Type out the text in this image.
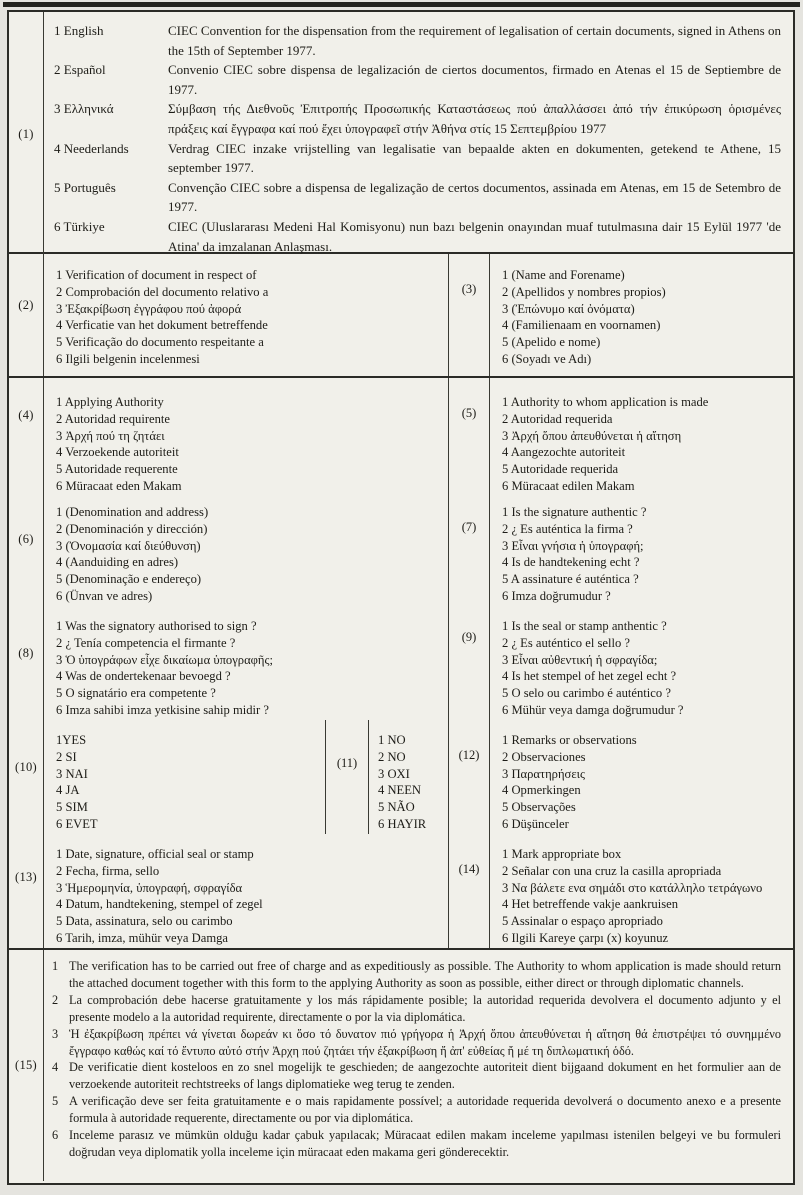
(1)
1 English	CIEC Convention for the dispensation from the requirement of legalisation of certain documents, signed in Athens on the 15th of September 1977.
2 Español	Convenio CIEC sobre dispensa de legalización de ciertos documentos, firmado en Atenas el 15 de Septiembre de 1977.
3 Ελληνικά	Σύμβαση τής Διεθνοῦς Ἐπιτροπής Προσωπικής Καταστάσεως πού ἀπαλλάσσει ἀπό τήν ἐπικύρωση ὁρισμένες πράξεις καί ἔγγραφα καί πού ἔχει ὑπογραφεῖ στήν Ἀθήνα στίς 15 Σεπτεμβρίου 1977
4 Neederlands	Verdrag CIEC inzake vrijstelling van legalisatie van bepaalde akten en dokumenten, getekend te Athene, 15 september 1977.
5 Português	Convenção CIEC sobre a dispensa de legalização de certos documentos, assinada em Atenas, em 15 de Setembro de 1977.
6 Türkiye	CIEC (Uluslararası Medeni Hal Komisyonu) nun bazı belgenin onayından muaf tutulmasına dair 15 Eylül 1977 'de Atina' da imzalanan Anlaşması.
(2)
1 Verification of document in respect of
2 Comprobación del documento relativo a
3 Ἐξακρίβωση ἐγγράφου πού ἀφορά
4 Verficatie van het dokument betreffende
5 Verificação do documento respeitante a
6 Ilgili belgenin incelenmesi
(3)
1 (Name and Forename)
2 (Apellidos y nombres propios)
3 (Ἐπώνυμο καί ὀνόματα)
4 (Familienaam en voornamen)
5 (Apelido e nome)
6 (Soyadı ve Adı)
(4)
1 Applying Authority
2 Autoridad requirente
3 Ἀρχή πού τη ζητάει
4 Verzoekende autoriteit
5 Autoridade requerente
6 Müracaat eden Makam
(5)
1 Authority to whom application is made
2 Autoridad requerida
3 Ἀρχή ὅπου ἀπευθύνεται ἡ αἴτηση
4 Aangezochte autoriteit
5 Autoridade requerida
6 Müracaat edilen Makam
(6)
1 (Denomination and address)
2 (Denominación y dirección)
3 (Ὀνομασία καί διεύθυνση)
4 (Aanduiding en adres)
5 (Denominação e endereço)
6 (Ünvan ve adres)
(7)
1 Is the signature authentic ?
2 ¿ Es auténtica la firma ?
3 Εἶναι γνήσια ἡ ὑπογραφή;
4 Is de handtekening echt ?
5 A assinature é auténtica ?
6 Imza doğrumudur ?
(8)
1 Was the signatory authorised to sign ?
2 ¿ Tenía competencia el firmante ?
3 Ὁ ὑπογράφων εἶχε δικαίωμα ὑπογραφῆς;
4 Was de ondertekenaar bevoegd ?
5 O signatário era competente ?
6 Imza sahibi imza yetkisine sahip midir ?
(9)
1 Is the seal or stamp anthentic ?
2 ¿ Es auténtico el sello ?
3 Εἶναι αὐθεντική ἡ σφραγίδα;
4 Is het stempel of het zegel echt ?
5 O selo ou carimbo é auténtico ?
6 Mühür veya damga doğrumudur ?
(10)
1YES
2 SI
3 NAI
4 JA
5 SIM
6 EVET
(11)
1 NO
2 NO
3 OXI
4 NEEN
5 NÃO
6 HAYIR
(12)
1 Remarks or observations
2 Observaciones
3 Παρατηρήσεις
4 Opmerkingen
5 Observações
6 Düşünceler
(13)
1 Date, signature, official seal or stamp
2 Fecha, firma, sello
3 Ἡμερομηνία, ὑπογραφή, σφραγίδα
4 Datum, handtekening, stempel of zegel
5 Data, assinatura, selo ou carimbo
6 Tarih, imza, mühür veya Damga
(14)
1 Mark appropriate box
2 Señalar con una cruz la casilla apropriada
3 Να βάλετε ενα σημάδι στο κατάλληλο τετράγωνο
4 Het betreffende vakje aankruisen
5 Assinalar o espaço apropriado
6 Ilgili Kareye çarpı (x) koyunuz
(15)
1 The verification has to be carried out free of charge and as expeditiously as possible. The Authority to whom application is made should return the attached document together with this form to the applying Authority as soon as possible, either direct or through diplomatic channels.
2 La comprobación debe hacerse gratuitamente y los más rápidamente posible; la autoridad requerida devolvera el documento adjunto y el presente modelo a la autoridad requirente, directamente o por la via diplomática.
3 Ἡ ἐξακρίβωση πρέπει νά γίνεται δωρεάν κι ὅσο τό δυνατον πιό γρήγορα ἡ Ἀρχή ὅπου ἀπευθύνεται ἡ αἴτηση θά ἐπιστρέψει τό συνημμένο ἔγγραφο καθώς καί τό ἔντυπο αὐτό στήν Ἀρχη πού ζητάει τήν ἐξακρίβωση ἤ ἀπ' εὐθείας ἤ μέ τη διπλωματική ὁδό.
4 De verificatie dient kosteloos en zo snel mogelijk te geschieden; de aangezochte autoriteit dient bijgaand dokument en het formulier aan de verzoekende autoriteit rechtstreeks of langs diplomatieke weg terug te zenden.
5 A verificação deve ser feita gratuitamente e o mais rapidamente possível; a autoridade requerida devolverá o documento anexo e a presente formula à autoridade requerente, directamente ou por via diplomática.
6 Inceleme parasız ve mümkün olduğu kadar çabuk yapılacak; Müracaat edilen makam inceleme yapılması istenilen belgeyi ve bu formuleri doğrudan veya diplomatik yolla inceleme için müracaat eden makama geri gönderecektir.
